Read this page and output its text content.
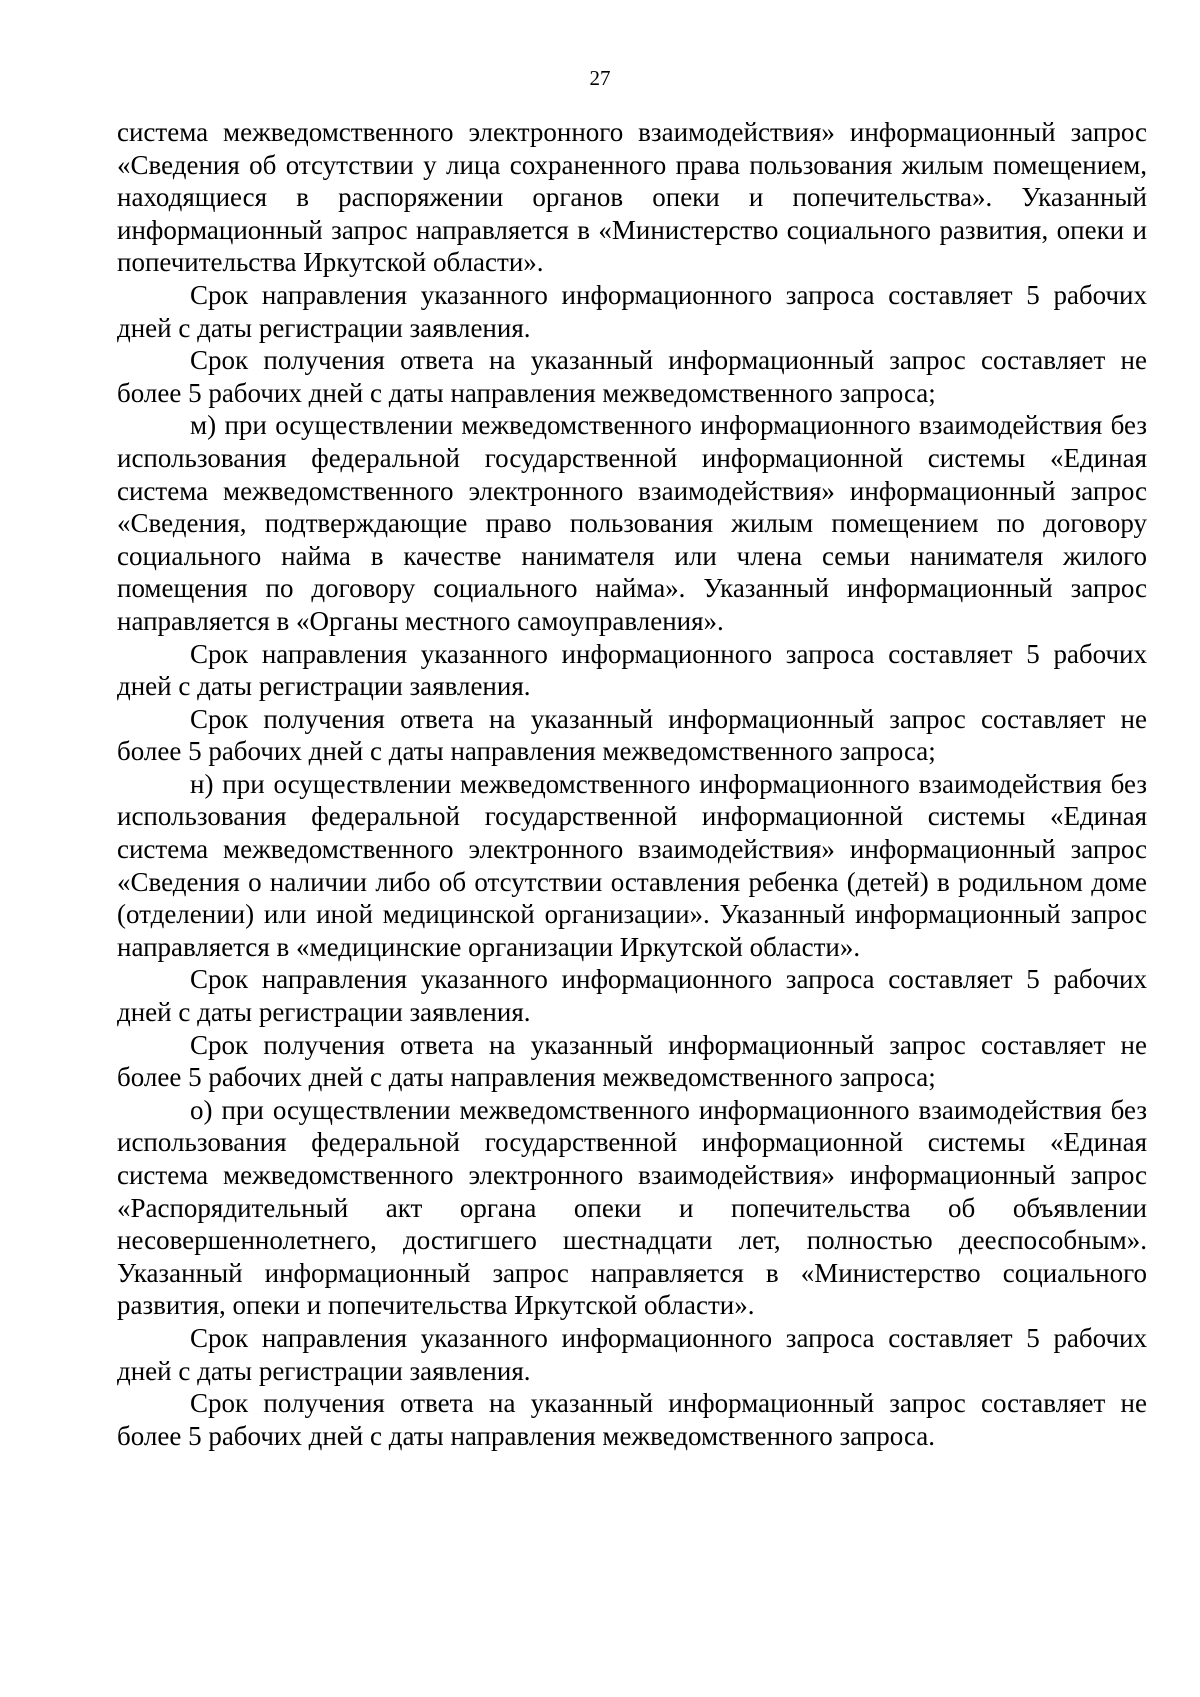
27

система межведомственного электронного взаимодействия» информационный запрос «Сведения об отсутствии у лица сохраненного права пользования жилым помещением, находящиеся в распоряжении органов опеки и попечительства». Указанный информационный запрос направляется в «Министерство социального развития, опеки и попечительства Иркутской области».

Срок направления указанного информационного запроса составляет 5 рабочих дней с даты регистрации заявления.

Срок получения ответа на указанный информационный запрос составляет не более 5 рабочих дней с даты направления межведомственного запроса;

м) при осуществлении межведомственного информационного взаимодействия без использования федеральной государственной информационной системы «Единая система межведомственного электронного взаимодействия» информационный запрос «Сведения, подтверждающие право пользования жилым помещением по договору социального найма в качестве нанимателя или члена семьи нанимателя жилого помещения по договору социального найма». Указанный информационный запрос направляется в «Органы местного самоуправления».

Срок направления указанного информационного запроса составляет 5 рабочих дней с даты регистрации заявления.

Срок получения ответа на указанный информационный запрос составляет не более 5 рабочих дней с даты направления межведомственного запроса;

н) при осуществлении межведомственного информационного взаимодействия без использования федеральной государственной информационной системы «Единая система межведомственного электронного взаимодействия» информационный запрос «Сведения о наличии либо об отсутствии оставления ребенка (детей) в родильном доме (отделении) или иной медицинской организации». Указанный информационный запрос направляется в «медицинские организации Иркутской области».

Срок направления указанного информационного запроса составляет 5 рабочих дней с даты регистрации заявления.

Срок получения ответа на указанный информационный запрос составляет не более 5 рабочих дней с даты направления межведомственного запроса;

о) при осуществлении межведомственного информационного взаимодействия без использования федеральной государственной информационной системы «Единая система межведомственного электронного взаимодействия» информационный запрос «Распорядительный акт органа опеки и попечительства об объявлении несовершеннолетнего, достигшего шестнадцати лет, полностью дееспособным». Указанный информационный запрос направляется в «Министерство социального развития, опеки и попечительства Иркутской области».

Срок направления указанного информационного запроса составляет 5 рабочих дней с даты регистрации заявления.

Срок получения ответа на указанный информационный запрос составляет не более 5 рабочих дней с даты направления межведомственного запроса.
